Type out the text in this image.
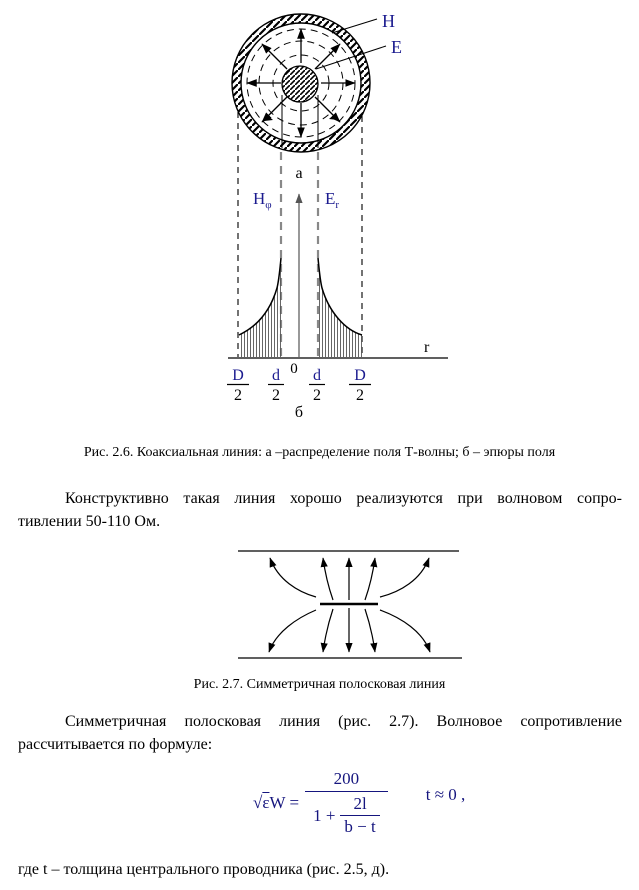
H
E
а
r
$H_\varphi$	$E_r$
0
D
2
d
2
d
2
D
2
б
Рис. 2.6. Коаксиальная линия: а –распределение поля Т-волны; б – эпюры поля
Конструктивно такая линия хорошо реализуются при волновом сопро-
тивлении 50-110 Ом.
Рис. 2.7. Симметричная полосковая линия
Симметричная полосковая линия (рис. 2.7). Волновое сопротивление
рассчитывается по формуле:
$√\varepsilon W = \frac{200}{1 + \frac{2l}{b - t}}$ t ≈ 0 ,
где t – толщина центрального проводника (рис. 2.5, д).
